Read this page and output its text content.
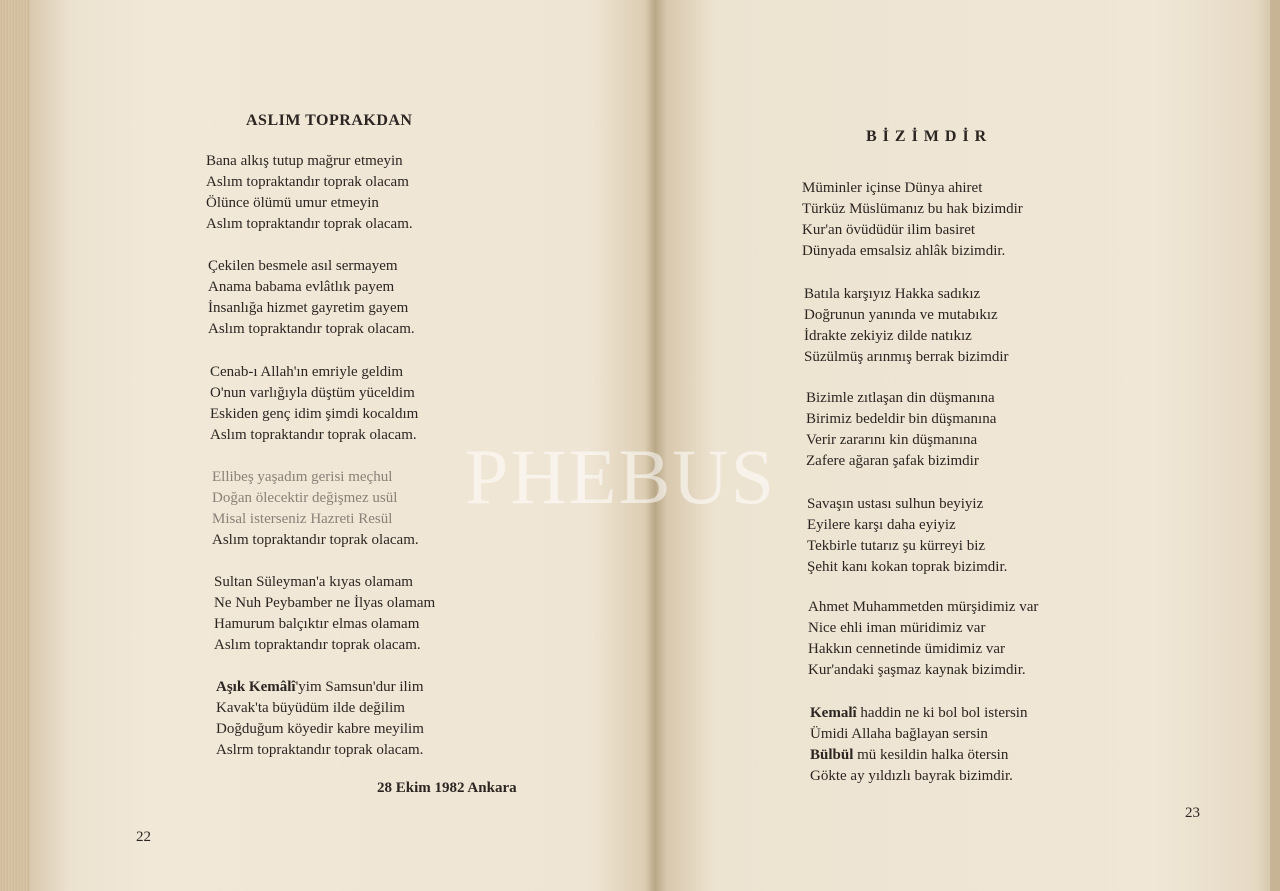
ASLIM TOPRAKDAN
Bana alkış tutup mağrur etmeyin
Aslım topraktandır toprak olacam
Ölünce ölümü umur etmeyin
Aslım topraktandır toprak olacam.
Çekilen besmele asıl sermayem
Anama babama evlâtlık payem
İnsanlığa hizmet gayretim gayem
Aslım topraktandır toprak olacam.
Cenab-ı Allah'ın emriyle geldim
O'nun varlığıyla düştüm yüceldim
Eskiden genç idim şimdi kocaldım
Aslım topraktandır toprak olacam.
Ellibeş yaşadım gerisi meçhul
Doğan ölecektir değişmez usül
Misal isterseniz Hazreti Resül
Aslım topraktandır toprak olacam.
Sultan Süleyman'a kıyas olamam
Ne Nuh Peybamber ne İlyas olamam
Hamurum balçıktır elmas olamam
Aslım topraktandır toprak olacam.
Aşık Kemâlî'yim Samsun'dur ilim
Kavak'ta büyüdüm ilde değilim
Doğduğum köyedir kabre meyilim
Aslrm topraktandır toprak olacam.
28 Ekim 1982 Ankara
22
BİZİMDİR
Müminler içinse Dünya ahiret
Türküz Müslümanız bu hak bizimdir
Kur'an övüdüdür ilim basiret
Dünyada emsalsiz ahlâk bizimdir.
Batıla karşıyız Hakka sadıkız
Doğrunun yanında ve mutabıkız
İdrakte zekiyiz dilde natıkız
Süzülmüş arınmış berrak bizimdir
Bizimle zıtlaşan din düşmanına
Birimiz bedeldir bin düşmanına
Verir zararını kin düşmanına
Zafere ağaran şafak bizimdir
Savaşın ustası sulhun beyiyiz
Eyilere karşı daha eyiyiz
Tekbirle tutarız şu kürreyi biz
Şehit kanı kokan toprak bizimdir.
Ahmet Muhammetden mürşidimiz var
Nice ehli iman müridimiz var
Hakkın cennetinde ümidimiz var
Kur'andaki şaşmaz kaynak bizimdir.
Kemalî haddin ne ki bol bol istersin
Ümidi Allaha bağlayan sersin
Bülbül mü kesildin halka ötersin
Gökte ay yıldızlı bayrak bizimdir.
23
PHEBUS
